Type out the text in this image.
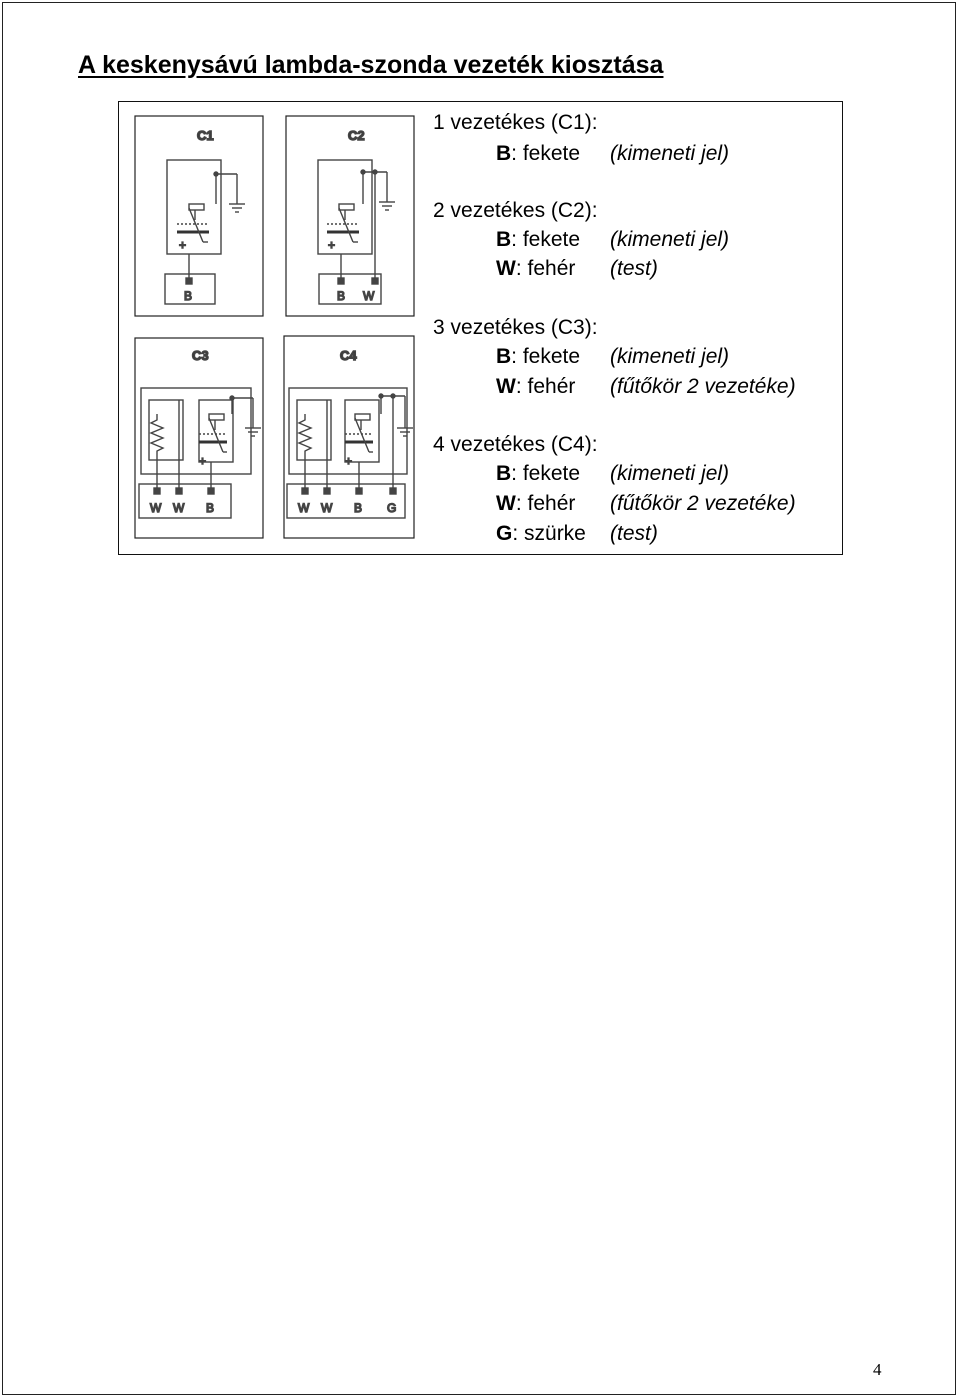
A keskenysávú lambda-szonda vezeték kiosztása
C1
+
B
C2
+
B W
C3
+
W W B
C4
+
W W B G
1 vezetékes (C1):
B: fekete (kimeneti jel)
2 vezetékes (C2):
B: fekete (kimeneti jel)
W: fehér (test)
3 vezetékes (C3):
B: fekete (kimeneti jel)
W: fehér (fűtőkör 2 vezetéke)
4 vezetékes (C4):
B: fekete (kimeneti jel)
W: fehér (fűtőkör 2 vezetéke)
G: szürke (test)
4
